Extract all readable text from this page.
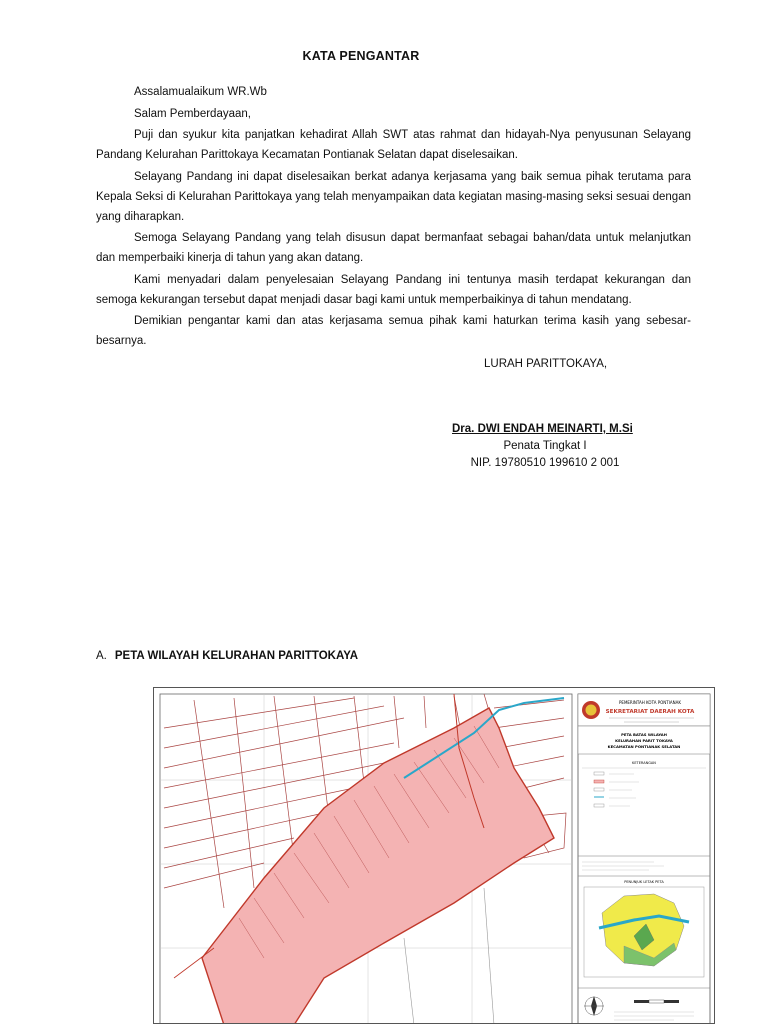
KATA PENGANTAR

Assalamualaikum WR.Wb

Salam Pemberdayaan,

Puji dan syukur kita panjatkan kehadirat Allah SWT atas rahmat dan hidayah-Nya penyusunan Selayang Pandang Kelurahan Parittokaya Kecamatan Pontianak Selatan dapat diselesaikan.

Selayang Pandang ini dapat diselesaikan berkat adanya kerjasama yang baik semua pihak terutama para Kepala Seksi di Kelurahan Parittokaya yang telah menyampaikan data kegiatan masing-masing seksi sesuai dengan yang diharapkan.

Semoga Selayang Pandang yang telah disusun dapat bermanfaat sebagai bahan/data untuk melanjutkan dan memperbaiki kinerja di tahun yang akan datang.

Kami menyadari dalam penyelesaian Selayang Pandang ini tentunya masih terdapat kekurangan dan semoga kekurangan tersebut dapat menjadi dasar bagi kami untuk memperbaikinya di tahun mendatang.

Demikian pengantar kami dan atas kerjasama semua pihak kami haturkan terima kasih yang sebesar-besarnya.

LURAH PARITTOKAYA,
Dra. DWI ENDAH MEINARTI, M.Si
Penata Tingkat I
NIP. 19780510 199610 2 001
A. PETA WILAYAH KELURAHAN PARITTOKAYA
PEMERINTAH KOTA PONTIANAK
SEKRETARIAT DAERAH KOTA
PETA BATAS WILAYAH
KELURAHAN PARIT TOKAYA
KECAMATAN PONTIANAK SELATAN
KETERANGAN
PENUNJUK LETAK PETA
